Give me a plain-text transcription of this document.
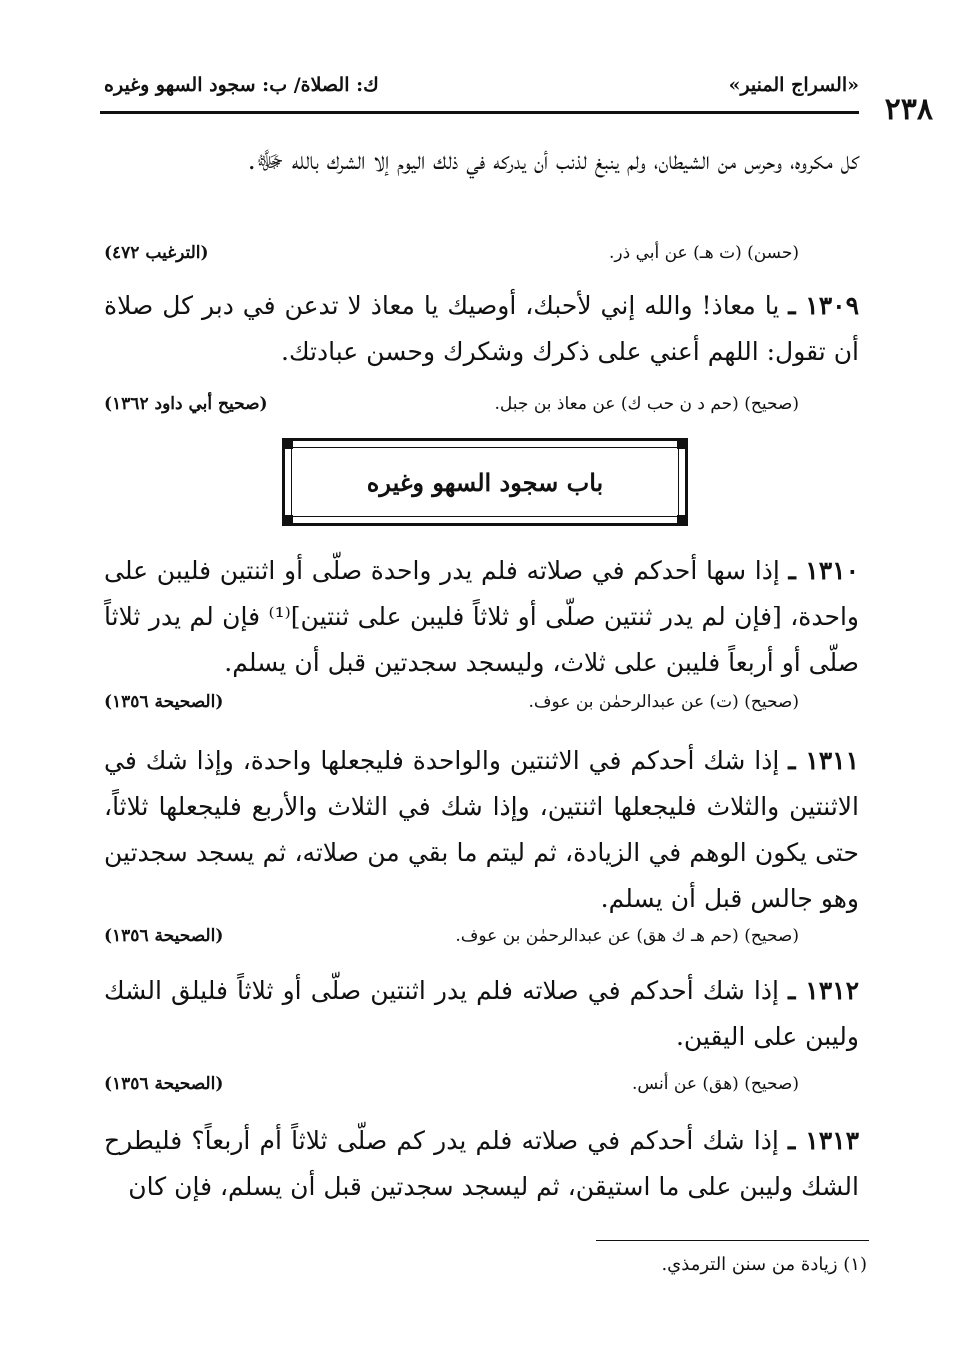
٢٣٨
«السراج المنير»
ك: الصلاة/ ب: سجود السهو وغيره
كل مكروه، وحرس من الشيطان، ولم ينبغ لذنب أن يدركه في ذلك اليوم إلا الشرك بالله ﷻ.
(حسن) (ت هـ) عن أبي ذر.
(الترغيب ٤٧٢)
١٣٠٩ ـ يا معاذ! والله إني لأحبك، أوصيك يا معاذ لا تدعن في دبر كل صلاة أن تقول: اللهم أعني على ذكرك وشكرك وحسن عبادتك.
(صحيح) (حم د ن حب ك) عن معاذ بن جبل.
(صحيح أبي داود ١٣٦٢)
باب سجود السهو وغيره
١٣١٠ ـ إذا سها أحدكم في صلاته فلم يدر واحدة صلّى أو اثنتين فليبن على واحدة، [فإن لم يدر ثنتين صلّى أو ثلاثاً فليبن على ثنتين]⁽¹⁾ فإن لم يدر ثلاثاً صلّى أو أربعاً فليبن على ثلاث، وليسجد سجدتين قبل أن يسلم.
(صحيح) (ت) عن عبدالرحمٰن بن عوف.
(الصحيحة ١٣٥٦)
١٣١١ ـ إذا شك أحدكم في الاثنتين والواحدة فليجعلها واحدة، وإذا شك في الاثنتين والثلاث فليجعلها اثنتين، وإذا شك في الثلاث والأربع فليجعلها ثلاثاً، حتى يكون الوهم في الزيادة، ثم ليتم ما بقي من صلاته، ثم يسجد سجدتين وهو جالس قبل أن يسلم.
(صحيح) (حم هـ ك هق) عن عبدالرحمٰن بن عوف.
(الصحيحة ١٣٥٦)
١٣١٢ ـ إذا شك أحدكم في صلاته فلم يدر اثنتين صلّى أو ثلاثاً فليلق الشك وليبن على اليقين.
(صحيح) (هق) عن أنس.
(الصحيحة ١٣٥٦)
١٣١٣ ـ إذا شك أحدكم في صلاته فلم يدر كم صلّى ثلاثاً أم أربعاً؟ فليطرح الشك وليبن على ما استيقن، ثم ليسجد سجدتين قبل أن يسلم، فإن كان
(١) زيادة من سنن الترمذي.
